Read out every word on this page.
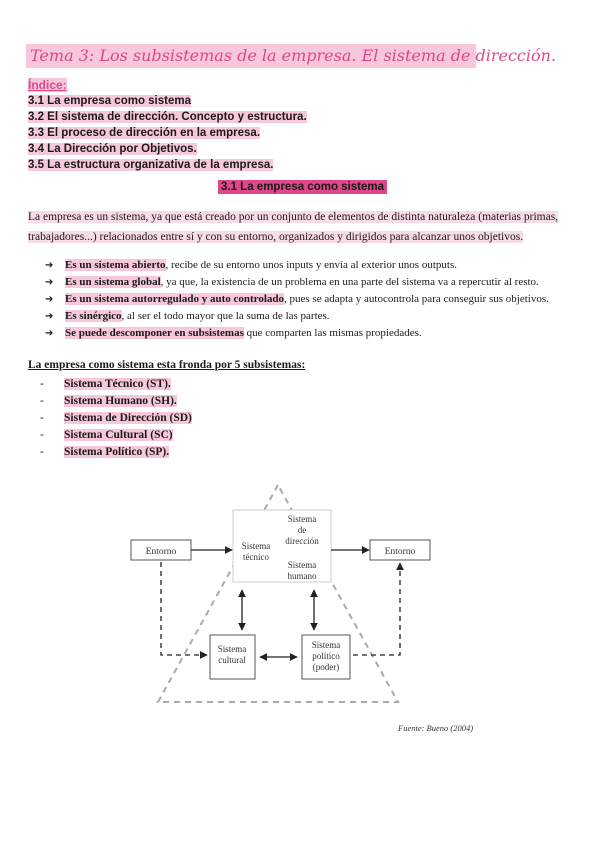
Tema 3: Los subsistemas de la empresa. El sistema de dirección.
Índice:
3.1 La empresa como sistema
3.2 El sistema de dirección. Concepto y estructura.
3.3 El proceso de dirección en la empresa.
3.4 La Dirección por Objetivos.
3.5 La estructura organizativa de la empresa.
3.1 La empresa como sistema

La empresa es un sistema, ya que está creado por un conjunto de elementos de distinta naturaleza (materias primas, trabajadores...) relacionados entre sí y con su entorno, organizados y dirigidos para alcanzar unos objetivos.

➔ Es un sistema abierto, recibe de su entorno unos inputs y envía al exterior unos outputs.
➔ Es un sistema global, ya que, la existencia de un problema en una parte del sistema va a repercutir al resto.
➔ Es un sistema autorregulado y auto controlado, pues se adapta y autocontrola para conseguir sus objetivos.
➔ Es sinérgico, al ser el todo mayor que la suma de las partes.
➔ Se puede descomponer en subsistemas que comparten las mismas propiedades.
La empresa como sistema esta fronda por 5 subsistemas:
- Sistema Técnico (ST).
- Sistema Humano (SH).
- Sistema de Dirección (SD)
- Sistema Cultural (SC)
- Sistema Político (SP).
Sistema
de
dirección
Sistema
técnico
Sistema
humano
Entorno	Entorno
Sistema
cultural
Sistema
político
(poder)
Fuente: Bueno (2004)
